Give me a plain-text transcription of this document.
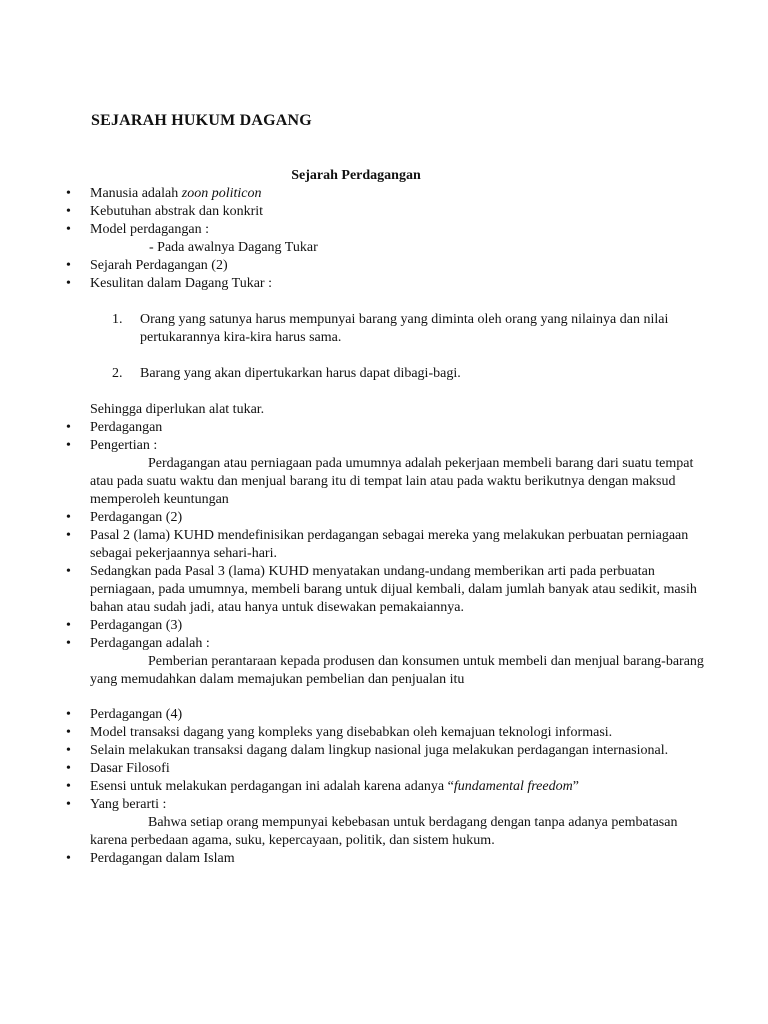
SEJARAH HUKUM DAGANG
Sejarah Perdagangan
• Manusia adalah zoon politicon
• Kebutuhan abstrak dan konkrit
• Model perdagangan :
- Pada awalnya Dagang Tukar
• Sejarah Perdagangan (2)
• Kesulitan dalam Dagang Tukar :
1. Orang yang satunya harus mempunyai barang yang diminta oleh orang yang nilainya dan nilai pertukarannya kira-kira harus sama.
2. Barang yang akan dipertukarkan harus dapat dibagi-bagi.
Sehingga diperlukan alat tukar.
• Perdagangan
• Pengertian :
Perdagangan atau perniagaan pada umumnya adalah pekerjaan membeli barang dari suatu tempat atau pada suatu waktu dan menjual barang itu di tempat lain atau pada waktu berikutnya dengan maksud memperoleh keuntungan
• Perdagangan (2)
• Pasal 2 (lama) KUHD mendefinisikan perdagangan sebagai mereka yang melakukan perbuatan perniagaan sebagai pekerjaannya sehari-hari.
• Sedangkan pada Pasal 3 (lama) KUHD menyatakan undang-undang memberikan arti pada perbuatan perniagaan, pada umumnya, membeli barang untuk dijual kembali, dalam jumlah banyak atau sedikit, masih bahan atau sudah jadi, atau hanya untuk disewakan pemakaiannya.
• Perdagangan (3)
• Perdagangan adalah :
Pemberian perantaraan kepada produsen dan konsumen untuk membeli dan menjual barang-barang yang memudahkan dalam memajukan pembelian dan penjualan itu
• Perdagangan (4)
• Model transaksi dagang yang kompleks yang disebabkan oleh kemajuan teknologi informasi.
• Selain melakukan transaksi dagang dalam lingkup nasional juga melakukan perdagangan internasional.
• Dasar Filosofi
• Esensi untuk melakukan perdagangan ini adalah karena adanya “fundamental freedom”
• Yang berarti :
Bahwa setiap orang mempunyai kebebasan untuk berdagang dengan tanpa adanya pembatasan karena perbedaan agama, suku, kepercayaan, politik, dan sistem hukum.
• Perdagangan dalam Islam
